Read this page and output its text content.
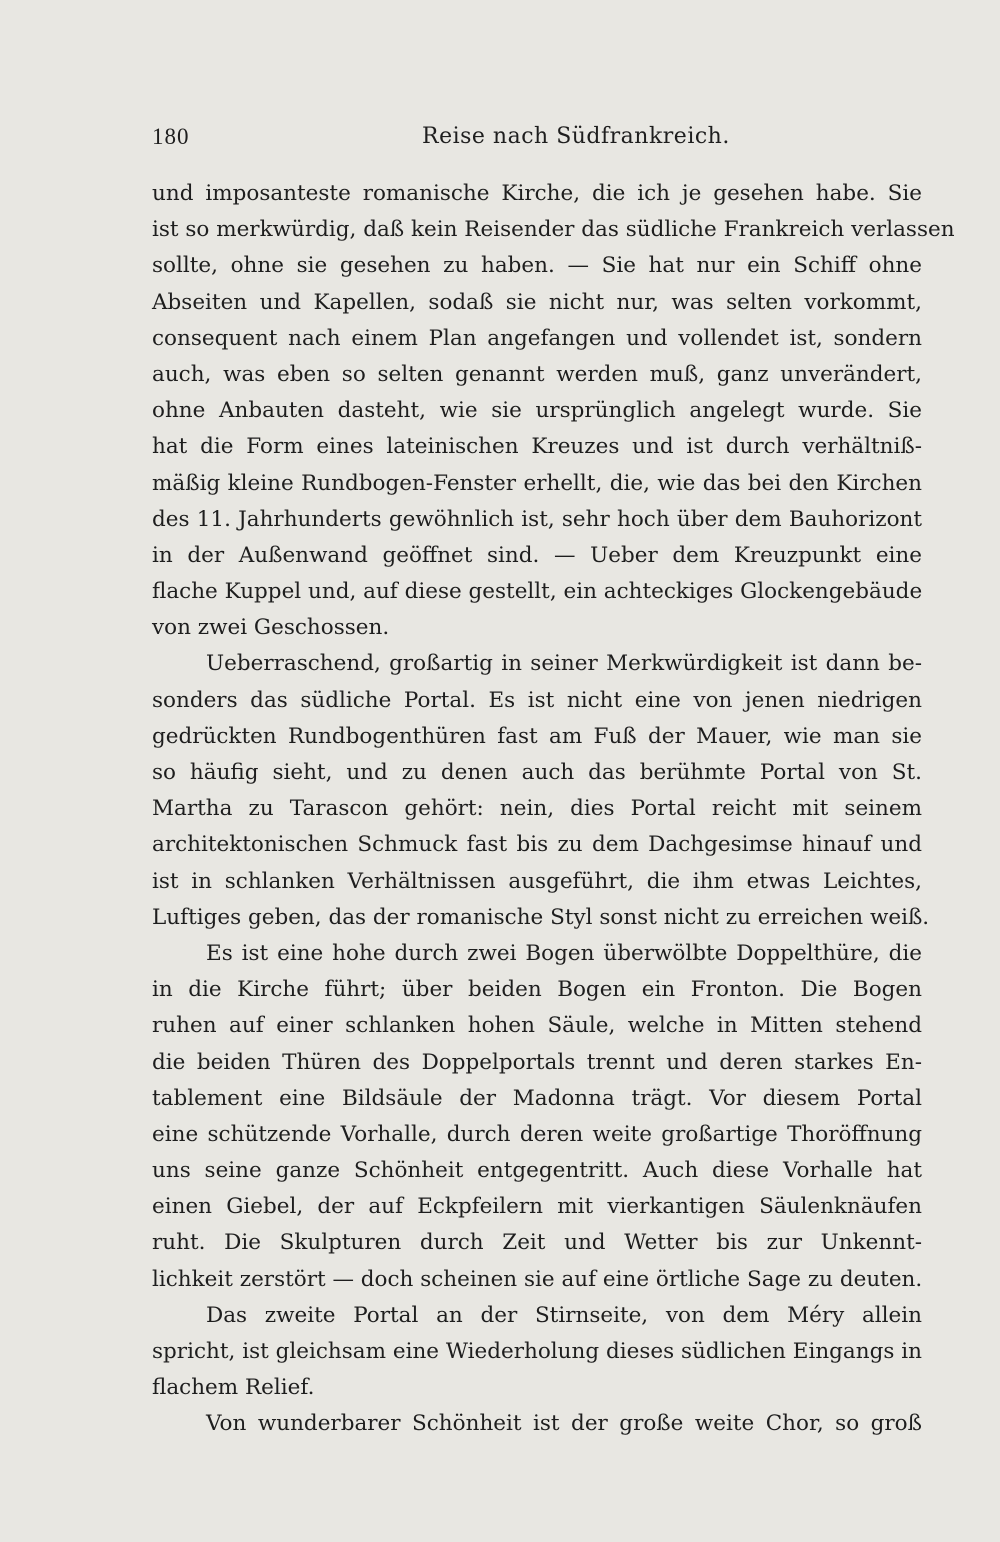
180	Reise nach Südfrankreich.
und imposanteste romanische Kirche, die ich je gesehen habe. Sie
ist so merkwürdig, daß kein Reisender das südliche Frankreich verlassen
sollte, ohne sie gesehen zu haben. — Sie hat nur ein Schiff ohne
Abseiten und Kapellen, sodaß sie nicht nur, was selten vorkommt,
consequent nach einem Plan angefangen und vollendet ist, sondern
auch, was eben so selten genannt werden muß, ganz unverändert,
ohne Anbauten dasteht, wie sie ursprünglich angelegt wurde. Sie
hat die Form eines lateinischen Kreuzes und ist durch verhältniß-
mäßig kleine Rundbogen-Fenster erhellt, die, wie das bei den Kirchen
des 11. Jahrhunderts gewöhnlich ist, sehr hoch über dem Bauhorizont
in der Außenwand geöffnet sind. — Ueber dem Kreuzpunkt eine
flache Kuppel und, auf diese gestellt, ein achteckiges Glockengebäude
von zwei Geschossen.
Ueberraschend, großartig in seiner Merkwürdigkeit ist dann be-
sonders das südliche Portal. Es ist nicht eine von jenen niedrigen
gedrückten Rundbogenthüren fast am Fuß der Mauer, wie man sie
so häufig sieht, und zu denen auch das berühmte Portal von St.
Martha zu Tarascon gehört: nein, dies Portal reicht mit seinem
architektonischen Schmuck fast bis zu dem Dachgesimse hinauf und
ist in schlanken Verhältnissen ausgeführt, die ihm etwas Leichtes,
Luftiges geben, das der romanische Styl sonst nicht zu erreichen weiß.
Es ist eine hohe durch zwei Bogen überwölbte Doppelthüre, die
in die Kirche führt; über beiden Bogen ein Fronton. Die Bogen
ruhen auf einer schlanken hohen Säule, welche in Mitten stehend
die beiden Thüren des Doppelportals trennt und deren starkes En-
tablement eine Bildsäule der Madonna trägt. Vor diesem Portal
eine schützende Vorhalle, durch deren weite großartige Thoröffnung
uns seine ganze Schönheit entgegentritt. Auch diese Vorhalle hat
einen Giebel, der auf Eckpfeilern mit vierkantigen Säulenknäufen
ruht. Die Skulpturen durch Zeit und Wetter bis zur Unkennt-
lichkeit zerstört — doch scheinen sie auf eine örtliche Sage zu deuten.
Das zweite Portal an der Stirnseite, von dem Méry allein
spricht, ist gleichsam eine Wiederholung dieses südlichen Eingangs in
flachem Relief.
Von wunderbarer Schönheit ist der große weite Chor, so groß
